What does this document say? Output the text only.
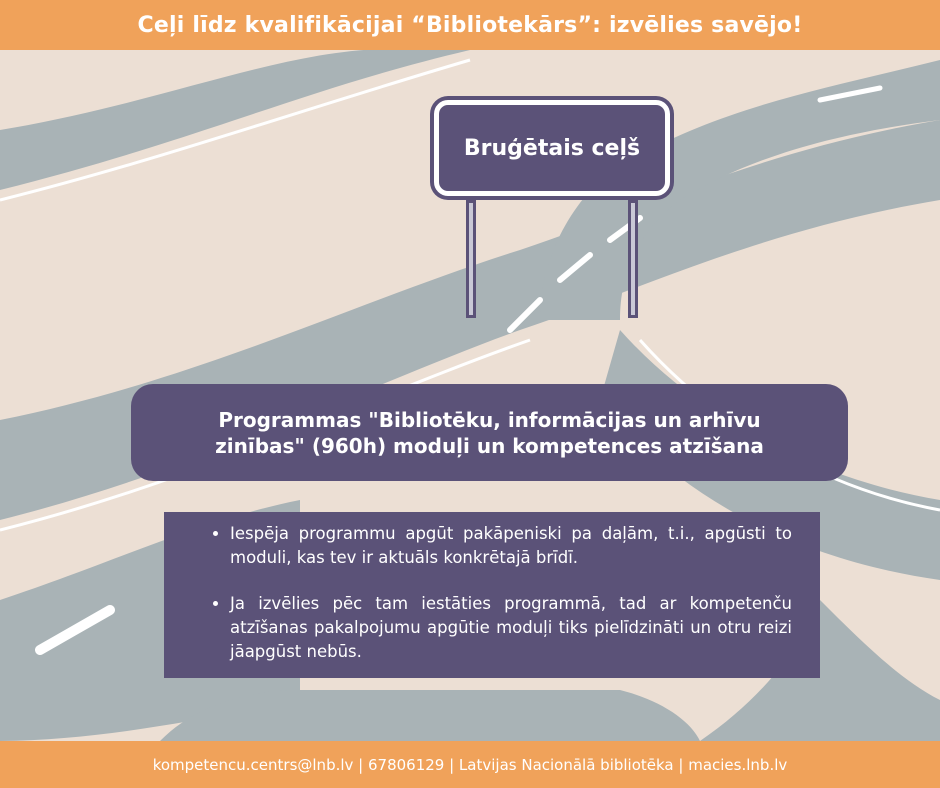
Ceļi līdz kvalifikācijai “Bibliotekārs”: izvēlies savējo!
Bruģētais ceļš
Programmas "Bibliotēku, informācijas un arhīvu zinības" (960h) moduļi un kompetences atzīšana
• Iespēja programmu apgūt pakāpeniski pa daļām, t.i., apgūsti to moduli, kas tev ir aktuāls konkrētajā brīdī.
• Ja izvēlies pēc tam iestāties programmā, tad ar kompetenču atzīšanas pakalpojumu apgūtie moduļi tiks pielīdzināti un otru reizi jāapgūst nebūs.
kompetencu.centrs@lnb.lv | 67806129 | Latvijas Nacionālā bibliotēka | macies.lnb.lv
